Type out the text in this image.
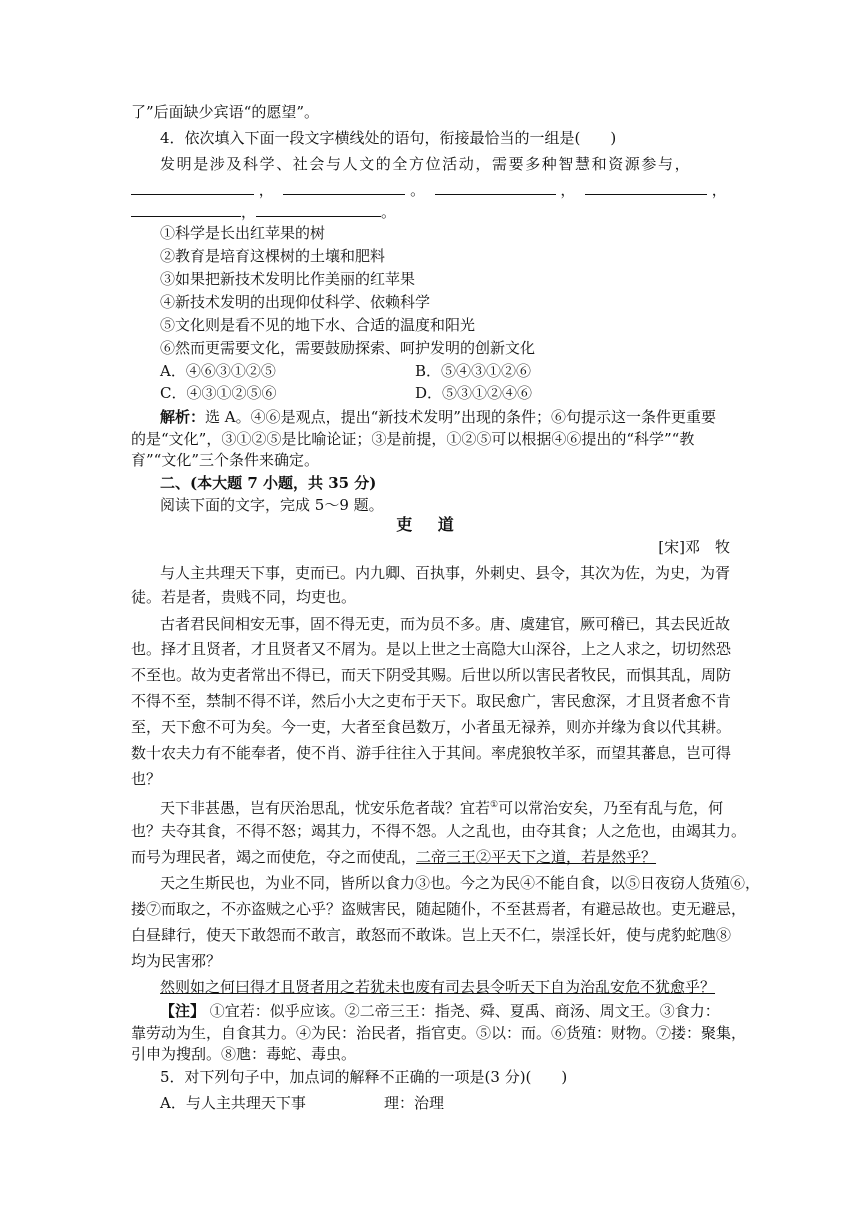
了”后面缺少宾语“的愿望”。
4．依次填入下面一段文字横线处的语句，衔接最恰当的一组是(　　)
发明是涉及科学、社会与人文的全方位活动，需要多种智慧和资源参与，
，	。	，	，
，	。
①科学是长出红苹果的树
②教育是培育这棵树的土壤和肥料
③如果把新技术发明比作美丽的红苹果
④新技术发明的出现仰仗科学、依赖科学
⑤文化则是看不见的地下水、合适的温度和阳光
⑥然而更需要文化，需要鼓励探索、呵护发明的创新文化
A．④⑥③①②⑤	B．⑤④③①②⑥
C．④③①②⑤⑥	D．⑤③①②④⑥
解析：选 A。④⑥是观点，提出“新技术发明”出现的条件；⑥句提示这一条件更重要
的是“文化”，③①②⑤是比喻论证；③是前提，①②⑤可以根据④⑥提出的“科学”“教
育”“文化”三个条件来确定。
二、(本大题 7 小题，共 35 分)
阅读下面的文字，完成 5～9 题。
吏 道
[宋]邓　牧
与人主共理天下事，吏而已。内九卿、百执事，外刺史、县令，其次为佐，为史，为胥
徒。若是者，贵贱不同，均吏也。
古者君民间相安无事，固不得无吏，而为员不多。唐、虞建官，厥可稽已，其去民近故
也。择才且贤者，才且贤者又不屑为。是以上世之士高隐大山深谷，上之人求之，切切然恐
不至也。故为吏者常出不得已，而天下阴受其赐。后世以所以害民者牧民，而惧其乱，周防
不得不至，禁制不得不详，然后小大之吏布于天下。取民愈广，害民愈深，才且贤者愈不肯
至，天下愈不可为矣。今一吏，大者至食邑数万，小者虽无禄养，则亦并缘为食以代其耕。
数十农夫力有不能奉者，使不肖、游手往往入于其间。率虎狼牧羊豕，而望其蕃息，岂可得
也？
天下非甚愚，岂有厌治思乱，忧安乐危者哉？宜若①可以常治安矣，乃至有乱与危，何
也？夫夺其食，不得不怒；竭其力，不得不怨。人之乱也，由夺其食；人之危也，由竭其力。
而号为理民者，竭之而使危，夺之而使乱，二帝三王②平天下之道，若是然乎？
天之生斯民也，为业不同，皆所以食力③也。今之为民④不能自食，以⑤日夜窃人货殖⑥，
搂⑦而取之，不亦盗贼之心乎？盗贼害民，随起随仆，不至甚焉者，有避忌故也。吏无避忌，
白昼肆行，使天下敢怨而不敢言，敢怒而不敢诛。岂上天不仁，崇淫长奸，使与虎豹蛇虺⑧
均为民害邪？
然则如之何曰得才且贤者用之若犹未也废有司去县令听天下自为治乱安危不犹愈乎？
【注】 ①宜若：似乎应该。②二帝三王：指尧、舜、夏禹、商汤、周文王。③食力：
靠劳动为生，自食其力。④为民：治民者，指官吏。⑤以：而。⑥货殖：财物。⑦搂：聚集，
引申为搜刮。⑧虺：毒蛇、毒虫。
5．对下列句子中，加点词的解释不正确的一项是(3 分)(　　)
A．与人主共理天下事	理：治理
